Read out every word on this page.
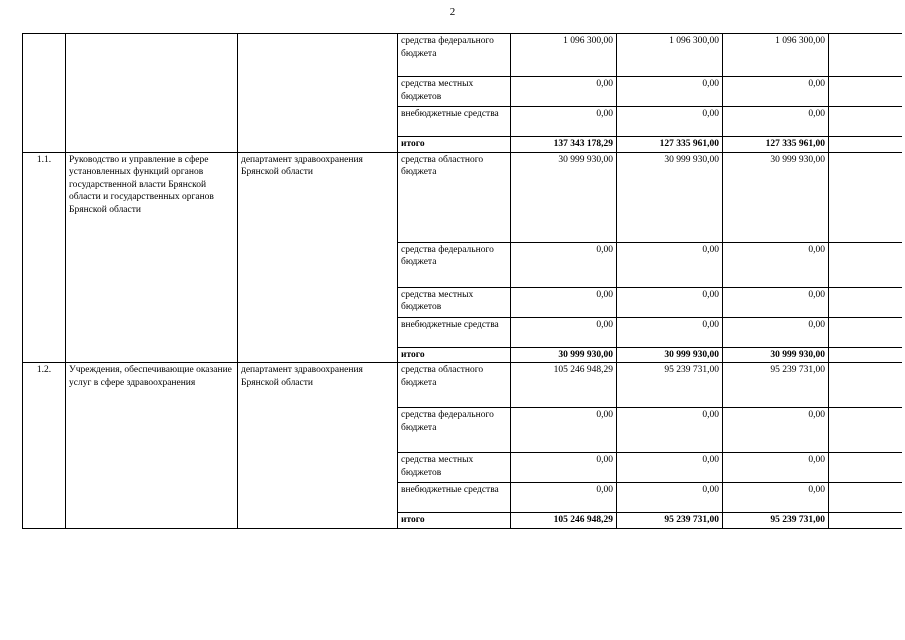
2
			средства федерального бюджета	1 096 300,00	1 096 300,00	1 096 300,00	
			средства местных бюджетов	0,00	0,00	0,00	
			внебюджетные средства	0,00	0,00	0,00	
			итого	137 343 178,29	127 335 961,00	127 335 961,00	
1.1.	Руководство и управление в сфере установленных функций органов государственной власти Брянской области и государственных органов Брянской области	департамент здравоохранения Брянской области	средства областного бюджета	30 999 930,00	30 999 930,00	30 999 930,00	
			средства федерального бюджета	0,00	0,00	0,00	
			средства местных бюджетов	0,00	0,00	0,00	
			внебюджетные средства	0,00	0,00	0,00	
			итого	30 999 930,00	30 999 930,00	30 999 930,00	
1.2.	Учреждения, обеспечивающие оказание услуг в сфере здравоохранения	департамент здравоохранения Брянской области	средства областного бюджета	105 246 948,29	95 239 731,00	95 239 731,00	
			средства федерального бюджета	0,00	0,00	0,00	
			средства местных бюджетов	0,00	0,00	0,00	
			внебюджетные средства	0,00	0,00	0,00	
			итого	105 246 948,29	95 239 731,00	95 239 731,00	
